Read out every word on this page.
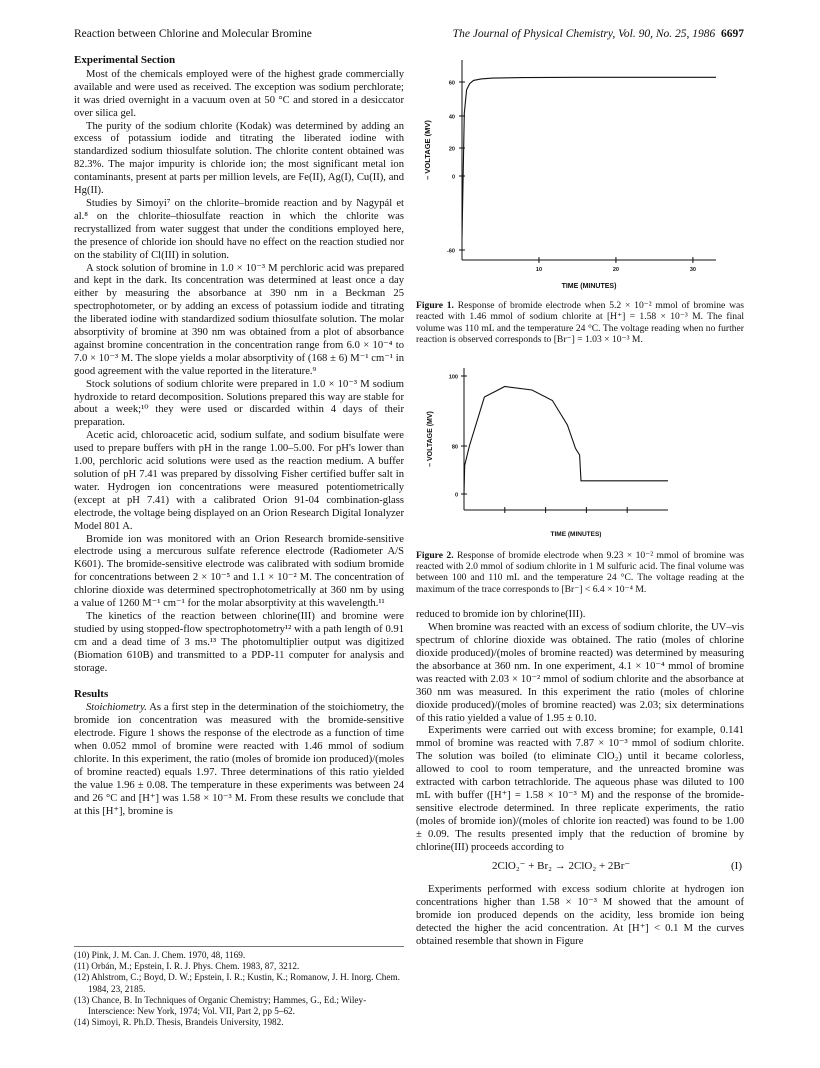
Reaction between Chlorine and Molecular Bromine	The Journal of Physical Chemistry, Vol. 90, No. 25, 1986 6697
Experimental Section

Most of the chemicals employed were of the highest grade commercially available and were used as received. The exception was sodium perchlorate; it was dried overnight in a vacuum oven at 50 °C and stored in a desiccator over silica gel.

The purity of the sodium chlorite (Kodak) was determined by adding an excess of potassium iodide and titrating the liberated iodine with standardized sodium thiosulfate solution. The chlorite content obtained was 82.3%. The major impurity is chloride ion; the most significant metal ion contaminants, present at parts per million levels, are Fe(II), Ag(I), Cu(II), and Hg(II).

Studies by Simoyi⁷ on the chlorite–bromide reaction and by Nagypál et al.⁸ on the chlorite–thiosulfate reaction in which the chlorite was recrystallized from water suggest that under the conditions employed here, the presence of chloride ion should have no effect on the reaction studied nor on the stability of Cl(III) in solution.

A stock solution of bromine in 1.0 × 10⁻³ M perchloric acid was prepared and kept in the dark. Its concentration was determined at least once a day either by measuring the absorbance at 390 nm in a Beckman 25 spectrophotometer, or by adding an excess of potassium iodide and titrating the liberated iodine with standardized sodium thiosulfate solution. The molar absorptivity of bromine at 390 nm was obtained from a plot of absorbance against bromine concentration in the concentration range from 6.0 × 10⁻⁴ to 7.0 × 10⁻³ M. The slope yields a molar absorptivity of (168 ± 6) M⁻¹ cm⁻¹ in good agreement with the value reported in the literature.⁹

Stock solutions of sodium chlorite were prepared in 1.0 × 10⁻³ M sodium hydroxide to retard decomposition. Solutions prepared this way are stable for about a week;¹⁰ they were used or discarded within 4 days of their preparation.

Acetic acid, chloroacetic acid, sodium sulfate, and sodium bisulfate were used to prepare buffers with pH in the range 1.00–5.00. For pH's lower than 1.00, perchloric acid solutions were used as the reaction medium. A buffer solution of pH 7.41 was prepared by dissolving Fisher certified buffer salt in water. Hydrogen ion concentrations were measured potentiometrically (except at pH 7.41) with a calibrated Orion 91-04 combination-glass electrode, the voltage being displayed on an Orion Research Digital Ionalyzer Model 801 A.

Bromide ion was monitored with an Orion Research bromide-sensitive electrode using a mercurous sulfate reference electrode (Radiometer A/S K601). The bromide-sensitive electrode was calibrated with sodium bromide for concentrations between 2 × 10⁻⁵ and 1.1 × 10⁻² M. The concentration of chlorine dioxide was determined spectrophotometrically at 360 nm by using a value of 1260 M⁻¹ cm⁻¹ for the molar absorptivity at this wavelength.¹¹

The kinetics of the reaction between chlorine(III) and bromine were studied by using stopped-flow spectrophotometry¹² with a path length of 0.91 cm and a dead time of 3 ms.¹³ The photomultiplier output was digitized (Biomation 610B) and transmitted to a PDP-11 computer for analysis and storage.

Results

Stoichiometry. As a first step in the determination of the stoichiometry, the bromide ion concentration was measured with the bromide-sensitive electrode. Figure 1 shows the response of the electrode as a function of time when 0.052 mmol of bromine were reacted with 1.46 mmol of sodium chlorite. In this experiment, the ratio (moles of bromide ion produced)/(moles of bromine reacted) equals 1.97. Three determinations of this ratio yielded the value 1.96 ± 0.08. The temperature in these experiments was between 24 and 26 °C and [H⁺] was 1.58 × 10⁻³ M. From these results we conclude that at this [H⁺], bromine is

(10) Pink, J. M. Can. J. Chem. 1970, 48, 1169.
(11) Orbán, M.; Epstein, I. R. J. Phys. Chem. 1983, 87, 3212.
(12) Ahlstrom, C.; Boyd, D. W.; Epstein, I. R.; Kustin, K.; Romanow, J. H. Inorg. Chem. 1984, 23, 2185.
(13) Chance, B. In Techniques of Organic Chemistry; Hammes, G., Ed.; Wiley-Interscience: New York, 1974; Vol. VII, Part 2, pp 5–62.
(14) Simoyi, R. Ph.D. Thesis, Brandeis University, 1982.
60
40
20
0
-60
10	20	30
TIME (MINUTES)
– VOLTAGE (MV)
Figure 1. Response of bromide electrode when 5.2 × 10⁻² mmol of bromine was reacted with 1.46 mmol of sodium chlorite at [H⁺] = 1.58 × 10⁻³ M. The final volume was 110 mL and the temperature 24 °C. The voltage reading when no further reaction is observed corresponds to [Br⁻] = 1.03 × 10⁻³ M.
100
80
0
TIME (MINUTES)
– VOLTAGE (MV)
Figure 2. Response of bromide electrode when 9.23 × 10⁻² mmol of bromine was reacted with 2.0 mmol of sodium chlorite in 1 M sulfuric acid. The final volume was between 100 and 110 mL and the temperature 24 °C. The voltage reading at the maximum of the trace corresponds to [Br⁻] < 6.4 × 10⁻⁴ M.

reduced to bromide ion by chlorine(III).

When bromine was reacted with an excess of sodium chlorite, the UV–vis spectrum of chlorine dioxide was obtained. The ratio (moles of chlorine dioxide produced)/(moles of bromine reacted) was determined by measuring the absorbance at 360 nm. In one experiment, 4.1 × 10⁻⁴ mmol of bromine was reacted with 2.03 × 10⁻² mmol of sodium chlorite and the absorbance at 360 nm was measured. In this experiment the ratio (moles of chlorine dioxide produced)/(moles of bromine reacted) was 2.03; six determinations of this ratio yielded a value of 1.95 ± 0.10.

Experiments were carried out with excess bromine; for example, 0.141 mmol of bromine was reacted with 7.87 × 10⁻³ mmol of sodium chlorite. The solution was boiled (to eliminate ClO₂) until it became colorless, allowed to cool to room temperature, and the unreacted bromine was extracted with carbon tetrachloride. The aqueous phase was diluted to 100 mL with buffer ([H⁺] = 1.58 × 10⁻³ M) and the response of the bromide-sensitive electrode determined. In three replicate experiments, the ratio (moles of bromide ion)/(moles of chlorite ion reacted) was found to be 1.00 ± 0.09. The results presented imply that the reduction of bromine by chlorine(III) proceeds according to

2ClO₂⁻ + Br₂ → 2ClO₂ + 2Br⁻	(I)

Experiments performed with excess sodium chlorite at hydrogen ion concentrations higher than 1.58 × 10⁻³ M showed that the amount of bromide ion produced depends on the acidity, less bromide ion being detected the higher the acid concentration. At [H⁺] < 0.1 M the curves obtained resemble that shown in Figure
